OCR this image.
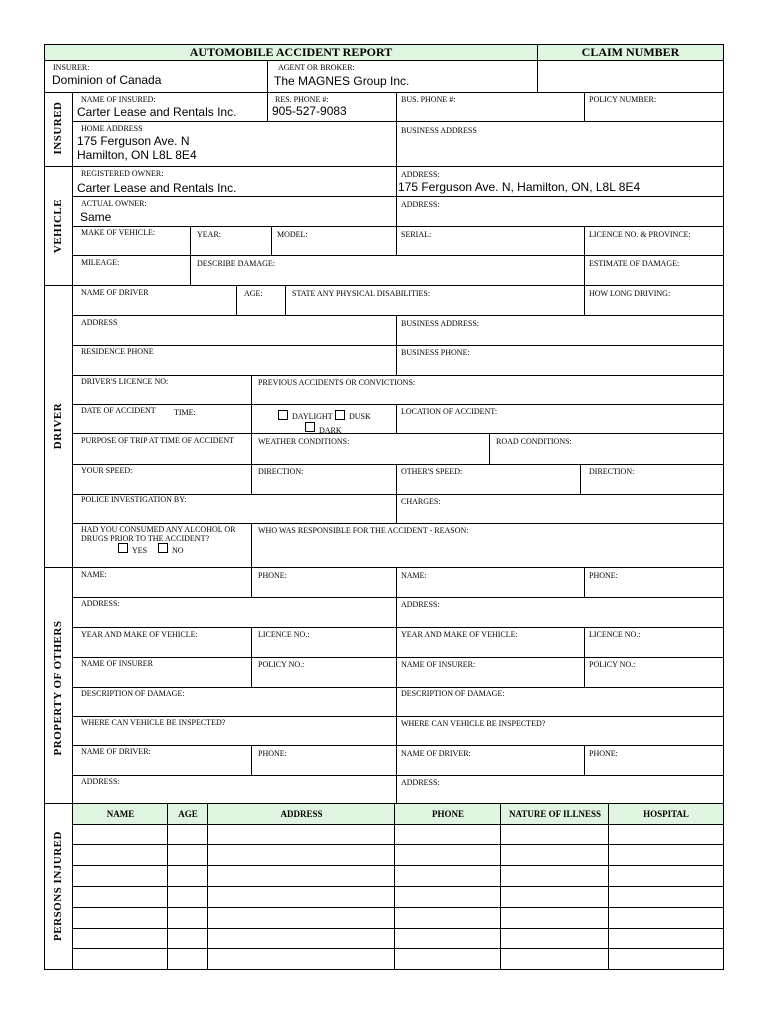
AUTOMOBILE ACCIDENT REPORT	CLAIM NUMBER
INSURER:
Dominion of Canada
AGENT OR BROKER:
The MAGNES Group Inc.
INSURED
VEHICLE
DRIVER
PROPERTY OF OTHERS
PERSONS INJURED
NAME OF INSURED:
Carter Lease and Rentals Inc.
RES. PHONE #:
905-527-9083
BUS. PHONE #:	POLICY NUMBER:
HOME ADDRESS
175 Ferguson Ave. N
Hamilton, ON L8L 8E4
BUSINESS ADDRESS
REGISTERED OWNER:
Carter Lease and Rentals Inc.
ADDRESS:
175 Ferguson Ave. N, Hamilton, ON, L8L 8E4
ACTUAL OWNER:
Same
ADDRESS:
MAKE OF VEHICLE:	YEAR:	MODEL:	SERIAL:	LICENCE NO. & PROVINCE:
MILEAGE:	DESCRIBE DAMAGE:	ESTIMATE OF DAMAGE:
NAME OF DRIVER	AGE:	STATE ANY PHYSICAL DISABILITIES:	HOW LONG DRIVING:
ADDRESS	BUSINESS ADDRESS:
RESIDENCE PHONE	BUSINESS PHONE:
DRIVER'S LICENCE NO:	PREVIOUS ACCIDENTS OR CONVICTIONS:
DATE OF ACCIDENT TIME:	DAYLIGHT DUSK
DARK
LOCATION OF ACCIDENT:
PURPOSE OF TRIP AT TIME OF ACCIDENT	WEATHER CONDITIONS:	ROAD CONDITIONS:
YOUR SPEED:	DIRECTION:	OTHER'S SPEED:	DIRECTION:
POLICE INVESTIGATION BY:	CHARGES:
HAD YOU CONSUMED ANY ALCOHOL OR
DRUGS PRIOR TO THE ACCIDENT?
YES	NO
WHO WAS RESPONSIBLE FOR THE ACCIDENT - REASON:
NAME:	PHONE:	NAME:	PHONE:
ADDRESS:	ADDRESS:
YEAR AND MAKE OF VEHICLE:	LICENCE NO.:	YEAR AND MAKE OF VEHICLE:	LICENCE NO.:
NAME OF INSURER	POLICY NO.:	NAME OF INSURER:	POLICY NO.:
DESCRIPTION OF DAMAGE:	DESCRIPTION OF DAMAGE:
WHERE CAN VEHICLE BE INSPECTED?	WHERE CAN VEHICLE BE INSPECTED?
NAME OF DRIVER:	PHONE:	NAME OF DRIVER:	PHONE:
ADDRESS:	ADDRESS:
NAME	AGE	ADDRESS	PHONE	NATURE OF ILLNESS	HOSPITAL
